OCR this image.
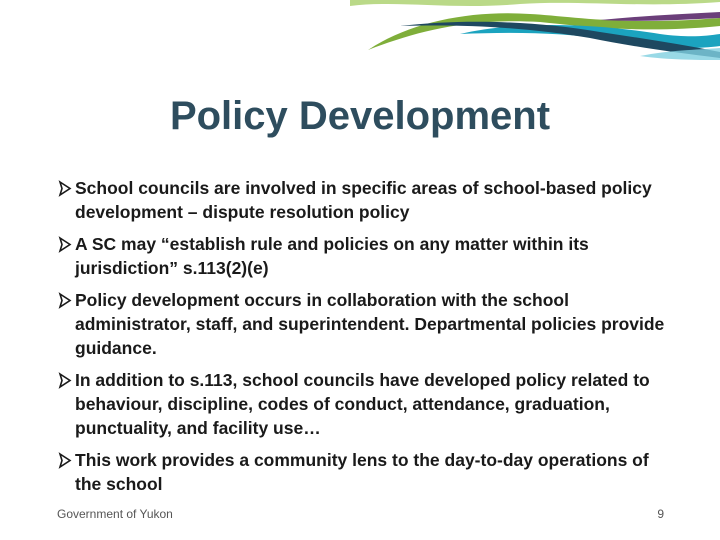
Policy Development
School councils are involved in specific areas of school-based policy development – dispute resolution policy
A SC may “establish rule and policies on any matter within its jurisdiction” s.113(2)(e)
Policy development occurs in collaboration with the school administrator, staff, and superintendent. Departmental policies provide guidance.
In addition to s.113, school councils have developed policy related to behaviour, discipline, codes of conduct, attendance, graduation, punctuality, and facility use…
This work provides a community lens to the day-to-day operations of the school
Government of Yukon	9
